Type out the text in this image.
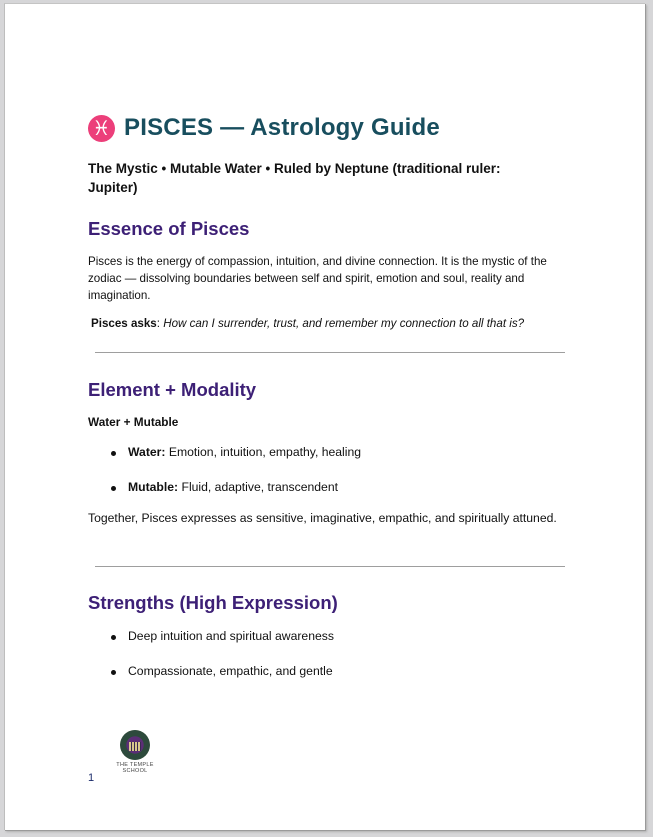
♓ PISCES — Astrology Guide
The Mystic • Mutable Water • Ruled by Neptune (traditional ruler: Jupiter)
Essence of Pisces

Pisces is the energy of compassion, intuition, and divine connection. It is the mystic of the zodiac — dissolving boundaries between self and spirit, emotion and soul, reality and imagination.

Pisces asks: How can I surrender, trust, and remember my connection to all that is?

Element + Modality

Water + Mutable

Water: Emotion, intuition, empathy, healing
Mutable: Fluid, adaptive, transcendent

Together, Pisces expresses as sensitive, imaginative, empathic, and spiritually attuned.

Strengths (High Expression)
Deep intuition and spiritual awareness
Compassionate, empathic, and gentle
THE TEMPLE
SCHOOL
1
